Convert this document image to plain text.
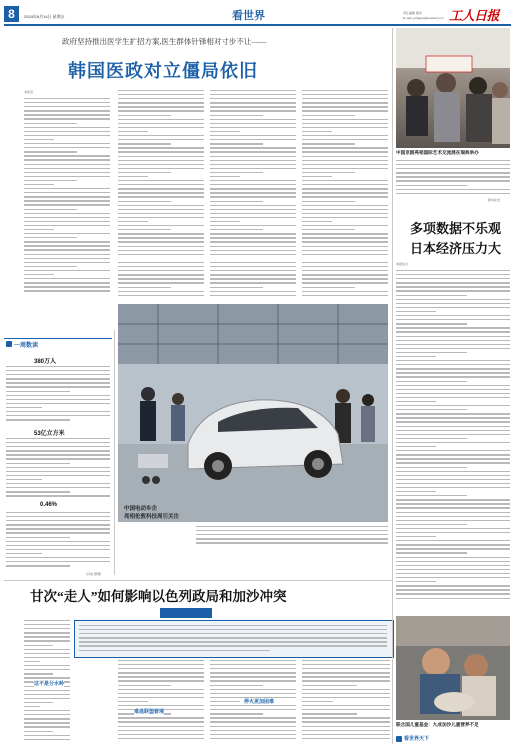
8	2024年6月14日 星期五	看世界	责任编辑 郝洋
E-mail: grrbgjxw@workercn.cn 工人日报
政府坚持推出医学生扩招方案,医生群体针锋相对寸步不让——
韩国医政对立僵局依旧
本报讯
中国京剧亮相国际艺术交流展在瑞典举办
新华社发
多项数据不乐观
日本经济压力大
本报综合
一周数读
380万人
53亿立方米
0.46%
(冷岚 整理)
中国电动车企
亮相伦敦科技周引关注
甘次“走人”如何影响以色列政局和加沙冲突
这不是分水岭
难逃联盟窘境
停火更加困难
联合国儿童基金：九成加沙儿童营养不足
看世界天下
